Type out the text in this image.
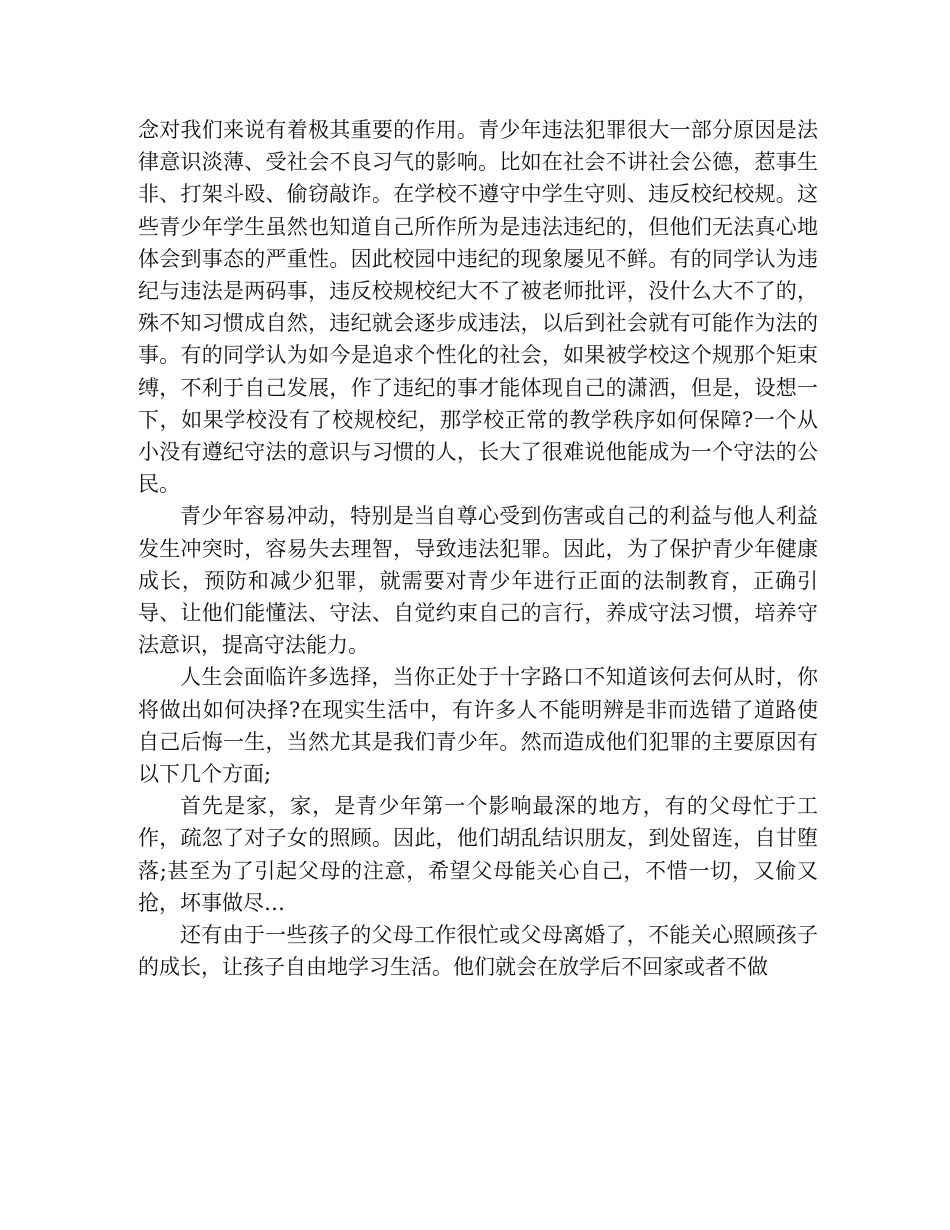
念对我们来说有着极其重要的作用。青少年违法犯罪很大一部分原因是法律意识淡薄、受社会不良习气的影响。比如在社会不讲社会公德，惹事生非、打架斗殴、偷窃敲诈。在学校不遵守中学生守则、违反校纪校规。这些青少年学生虽然也知道自己所作所为是违法违纪的，但他们无法真心地体会到事态的严重性。因此校园中违纪的现象屡见不鲜。有的同学认为违纪与违法是两码事，违反校规校纪大不了被老师批评，没什么大不了的，殊不知习惯成自然，违纪就会逐步成违法，以后到社会就有可能作为法的事。有的同学认为如今是追求个性化的社会，如果被学校这个规那个矩束缚，不利于自己发展，作了违纪的事才能体现自己的潇洒，但是，设想一下，如果学校没有了校规校纪，那学校正常的教学秩序如何保障?一个从小没有遵纪守法的意识与习惯的人，长大了很难说他能成为一个守法的公民。

青少年容易冲动，特别是当自尊心受到伤害或自己的利益与他人利益发生冲突时，容易失去理智，导致违法犯罪。因此，为了保护青少年健康成长，预防和减少犯罪，就需要对青少年进行正面的法制教育，正确引导、让他们能懂法、守法、自觉约束自己的言行，养成守法习惯，培养守法意识，提高守法能力。

人生会面临许多选择，当你正处于十字路口不知道该何去何从时，你将做出如何决择?在现实生活中，有许多人不能明辨是非而选错了道路使自己后悔一生，当然尤其是我们青少年。然而造成他们犯罪的主要原因有以下几个方面;

首先是家，家，是青少年第一个影响最深的地方，有的父母忙于工作，疏忽了对子女的照顾。因此，他们胡乱结识朋友，到处留连，自甘堕落;甚至为了引起父母的注意，希望父母能关心自己，不惜一切，又偷又抢，坏事做尽…

还有由于一些孩子的父母工作很忙或父母离婚了，不能关心照顾孩子的成长，让孩子自由地学习生活。他们就会在放学后不回家或者不做
